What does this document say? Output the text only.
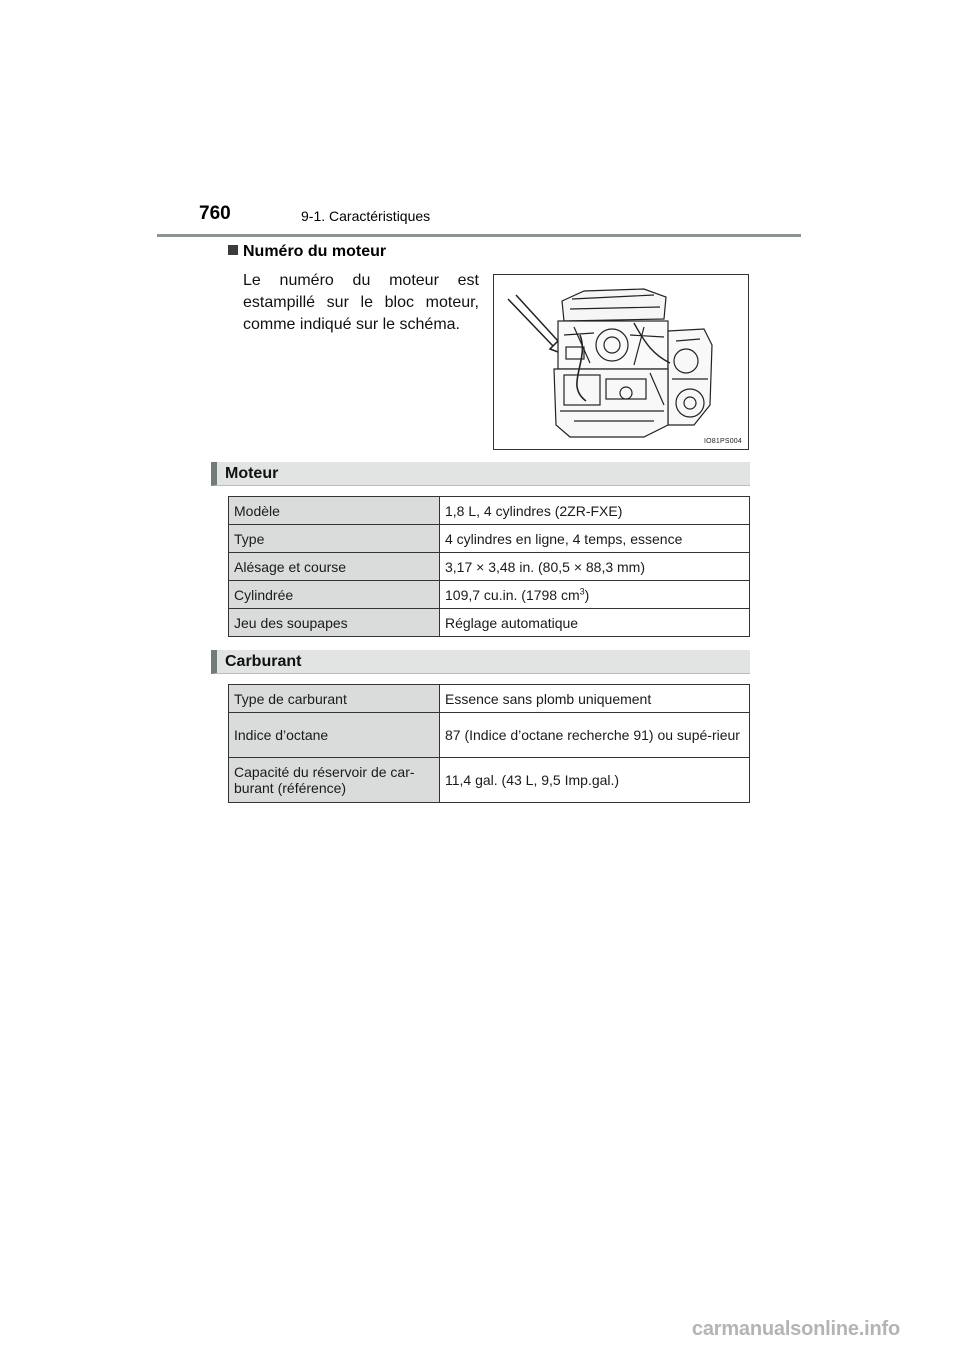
760	9-1. Caractéristiques
Numéro du moteur
Le numéro du moteur est estampillé sur le bloc moteur, comme indiqué sur le schéma.
IO81PS004
Moteur
Modèle	1,8 L, 4 cylindres (2ZR-FXE)
Type	4 cylindres en ligne, 4 temps, essence
Alésage et course	3,17 × 3,48 in. (80,5 × 88,3 mm)
Cylindrée	109,7 cu.in. (1798 $cm^3$)
Jeu des soupapes	Réglage automatique
Carburant
Type de carburant	Essence sans plomb uniquement
Indice d’octane	87 (Indice d’octane recherche 91) ou supé-rieur
Capacité du réservoir de car-burant (référence)	11,4 gal. (43 L, 9,5 Imp.gal.)
carmanualsonline.info
